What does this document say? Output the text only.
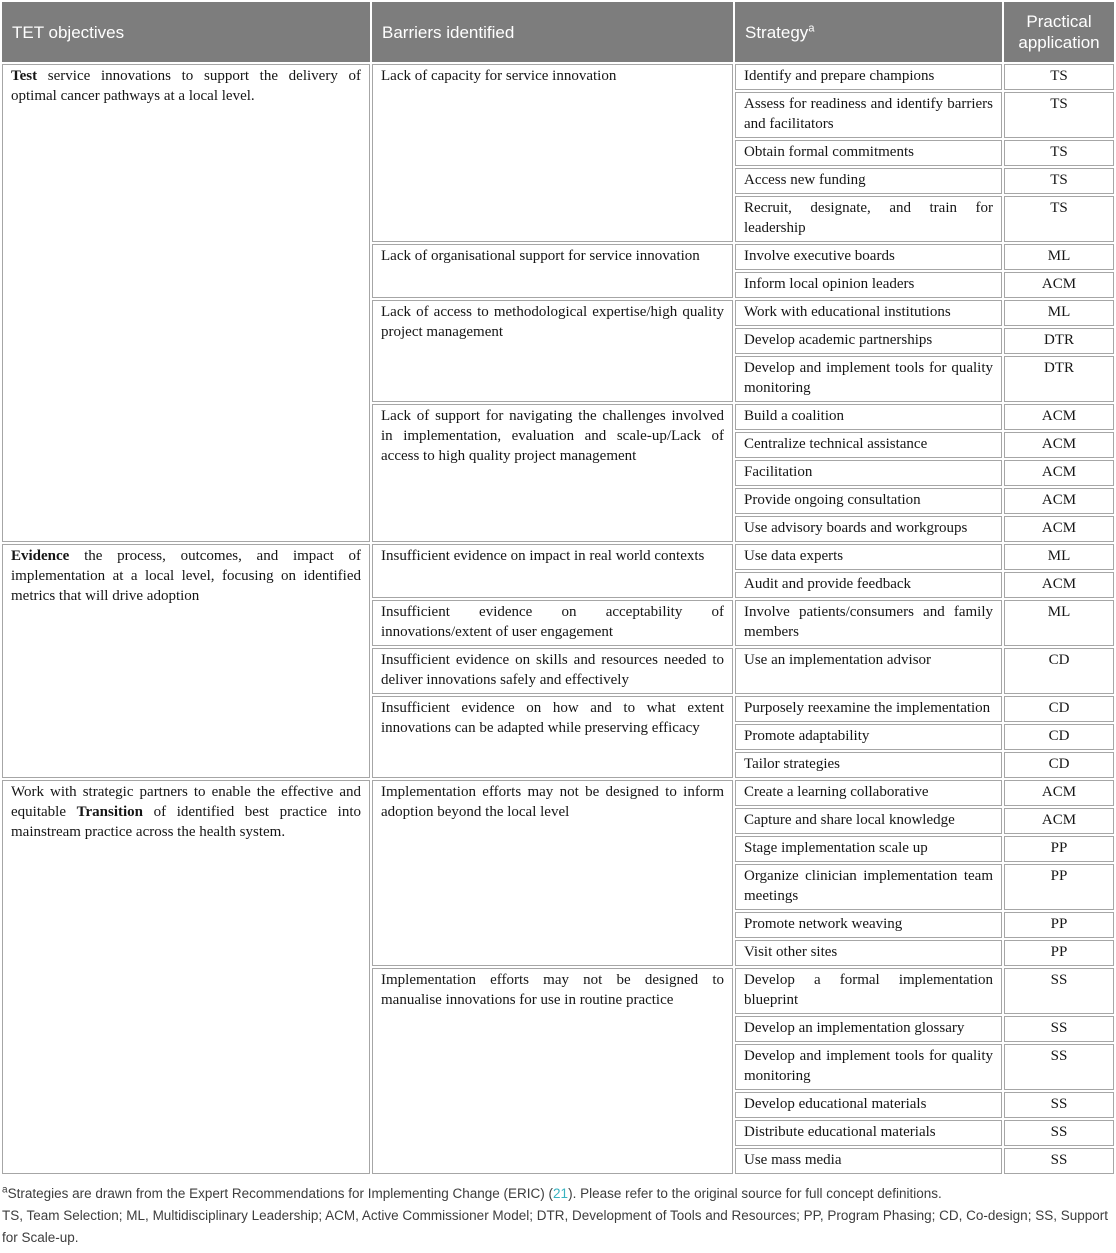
TET objectives	Barriers identified	Strategy$^a$	Practical application
Test service innovations to support the delivery of optimal cancer pathways at a local level.	Lack of capacity for service innovation	Identify and prepare champions	TS
		Assess for readiness and identify barriers and facilitators	TS
		Obtain formal commitments	TS
		Access new funding	TS
		Recruit, designate, and train for leadership	TS
	Lack of organisational support for service innovation	Involve executive boards	ML
		Inform local opinion leaders	ACM
	Lack of access to methodological expertise/high quality project management	Work with educational institutions	ML
		Develop academic partnerships	DTR
		Develop and implement tools for quality monitoring	DTR
	Lack of support for navigating the challenges involved in implementation, evaluation and scale-up/Lack of access to high quality project management	Build a coalition	ACM
		Centralize technical assistance	ACM
		Facilitation	ACM
		Provide ongoing consultation	ACM
		Use advisory boards and workgroups	ACM
Evidence the process, outcomes, and impact of implementation at a local level, focusing on identified metrics that will drive adoption	Insufficient evidence on impact in real world contexts	Use data experts	ML
		Audit and provide feedback	ACM
	Insufficient evidence on acceptability of innovations/extent of user engagement	Involve patients/consumers and family members	ML
	Insufficient evidence on skills and resources needed to deliver innovations safely and effectively	Use an implementation advisor	CD
	Insufficient evidence on how and to what extent innovations can be adapted while preserving efficacy	Purposely reexamine the implementation	CD
		Promote adaptability	CD
		Tailor strategies	CD
Work with strategic partners to enable the effective and equitable Transition of identified best practice into mainstream practice across the health system.	Implementation efforts may not be designed to inform adoption beyond the local level	Create a learning collaborative	ACM
		Capture and share local knowledge	ACM
		Stage implementation scale up	PP
		Organize clinician implementation team meetings	PP
		Promote network weaving	PP
		Visit other sites	PP
	Implementation efforts may not be designed to manualise innovations for use in routine practice	Develop a formal implementation blueprint	SS
		Develop an implementation glossary	SS
		Develop and implement tools for quality monitoring	SS
		Develop educational materials	SS
		Distribute educational materials	SS
		Use mass media	SS

$^a$Strategies are drawn from the Expert Recommendations for Implementing Change (ERIC) (21). Please refer to the original source for full concept definitions.

TS, Team Selection; ML, Multidisciplinary Leadership; ACM, Active Commissioner Model; DTR, Development of Tools and Resources; PP, Program Phasing; CD, Co-design; SS, Support for Scale-up.
